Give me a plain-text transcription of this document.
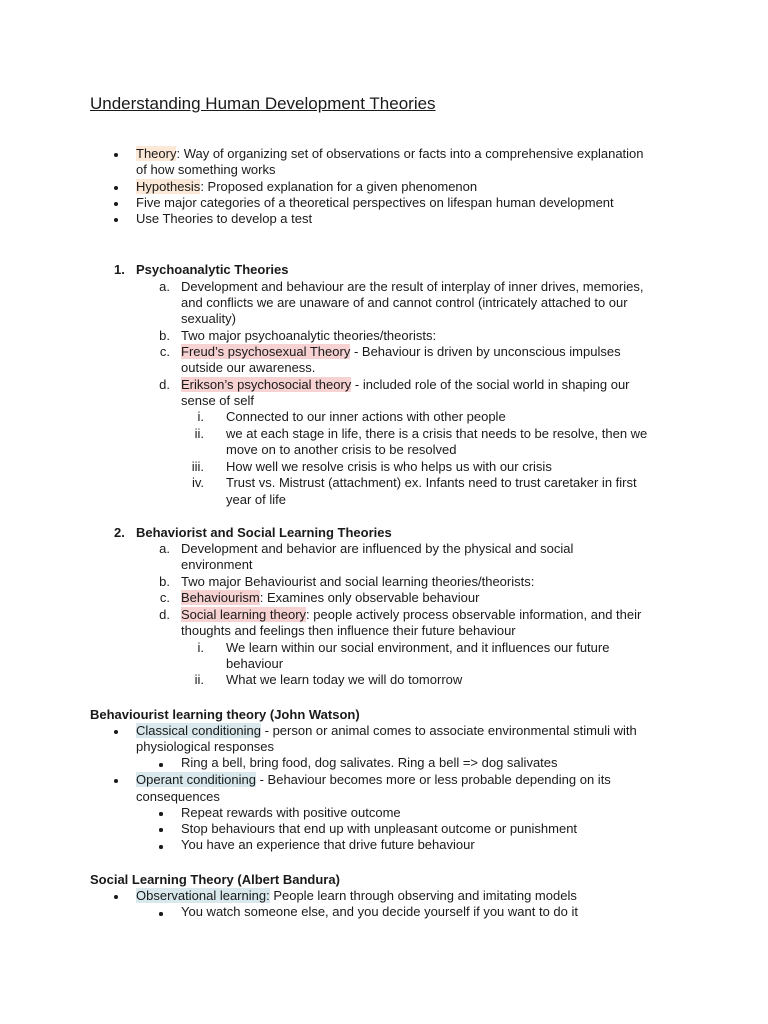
Understanding Human Development Theories
Theory: Way of organizing set of observations or facts into a comprehensive explanation
of how something works
Hypothesis: Proposed explanation for a given phenomenon
Five major categories of a theoretical perspectives on lifespan human development
Use Theories to develop a test
1. Psychoanalytic Theories
a. Development and behaviour are the result of interplay of inner drives, memories,
and conflicts we are unaware of and cannot control (intricately attached to our
sexuality)
b. Two major psychoanalytic theories/theorists:
c. Freud’s psychosexual Theory - Behaviour is driven by unconscious impulses
outside our awareness.
d. Erikson’s psychosocial theory - included role of the social world in shaping our
sense of self
i. Connected to our inner actions with other people
ii. we at each stage in life, there is a crisis that needs to be resolve, then we
move on to another crisis to be resolved
iii. How well we resolve crisis is who helps us with our crisis
iv. Trust vs. Mistrust (attachment) ex. Infants need to trust caretaker in first
year of life
2. Behaviorist and Social Learning Theories
a. Development and behavior are influenced by the physical and social
environment
b. Two major Behaviourist and social learning theories/theorists:
c. Behaviourism: Examines only observable behaviour
d. Social learning theory: people actively process observable information, and their
thoughts and feelings then influence their future behaviour
i. We learn within our social environment, and it influences our future
behaviour
ii. What we learn today we will do tomorrow
Behaviourist learning theory (John Watson)
Classical conditioning - person or animal comes to associate environmental stimuli with
physiological responses
Ring a bell, bring food, dog salivates. Ring a bell => dog salivates
Operant conditioning - Behaviour becomes more or less probable depending on its
consequences
Repeat rewards with positive outcome
Stop behaviours that end up with unpleasant outcome or punishment
You have an experience that drive future behaviour
Social Learning Theory (Albert Bandura)
Observational learning: People learn through observing and imitating models
You watch someone else, and you decide yourself if you want to do it
